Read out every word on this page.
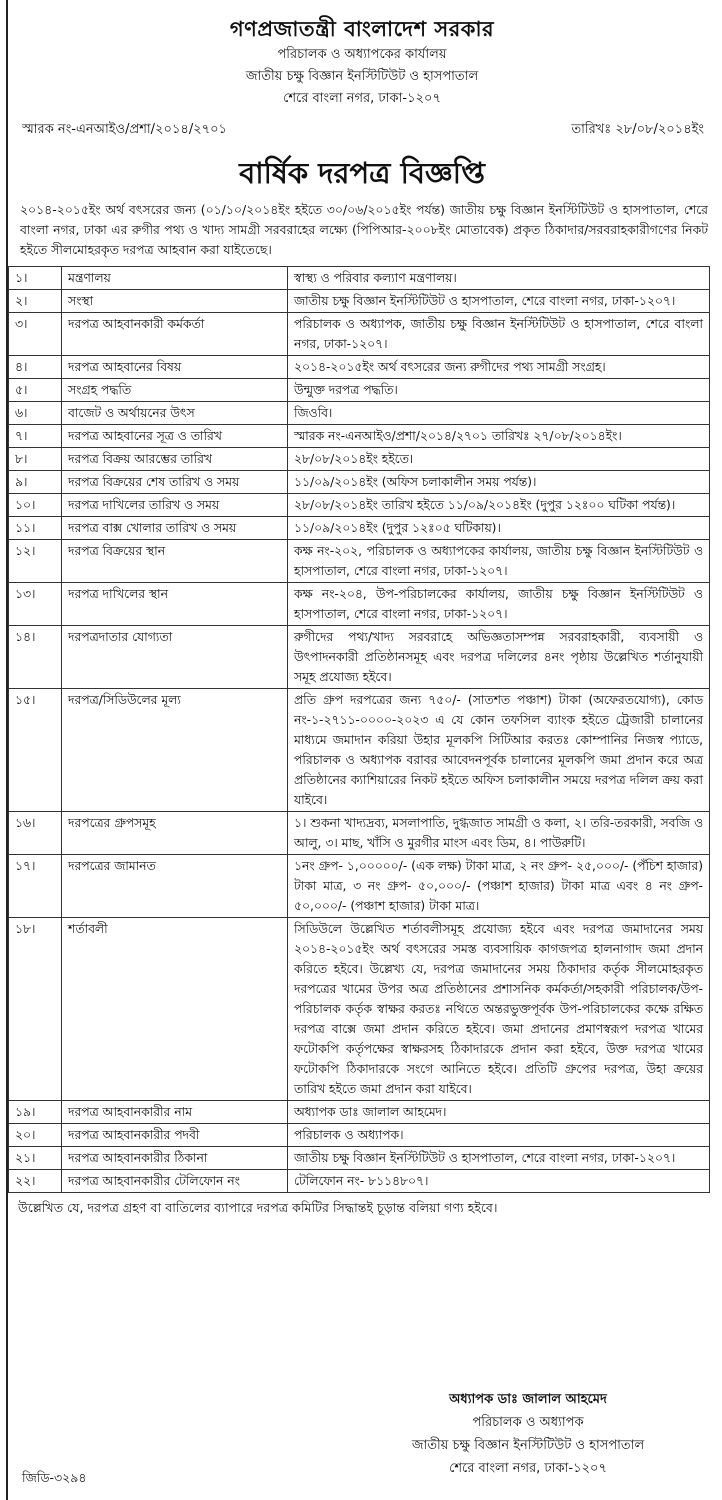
গণপ্রজাতন্ত্রী বাংলাদেশ সরকার
পরিচালক ও অধ্যাপকের কার্যালয়
জাতীয় চক্ষু বিজ্ঞান ইনস্টিটিউট ও হাসপাতাল
শেরে বাংলা নগর, ঢাকা-১২০৭
স্মারক নং-এনআইও/প্রশা/২০১৪/২৭০১	তারিখঃ ২৮/০৮/২০১৪ইং
বার্ষিক দরপত্র বিজ্ঞপ্তি
২০১৪-২০১৫ইং অর্থ বৎসরের জন্য (০১/১০/২০১৪ইং হইতে ৩০/০৬/২০১৫ইং পর্যন্ত) জাতীয় চক্ষু বিজ্ঞান ইনস্টিটিউট ও হাসপাতাল, শেরে বাংলা নগর, ঢাকা এর রুগীর পথ্য ও খাদ্য সামগ্রী সরবরাহের লক্ষ্যে (পিপিআর-২০০৮ইং মোতাবেক) প্রকৃত ঠিকাদার/সরবরাহকারীগণের নিকট হইতে সীলমোহরকৃত দরপত্র আহবান করা যাইতেছে।
১।	মন্ত্রণালয়	স্বাস্থ্য ও পরিবার কল্যাণ মন্ত্রণালয়।
২।	সংস্থা	জাতীয় চক্ষু বিজ্ঞান ইনস্টিটিউট ও হাসপাতাল, শেরে বাংলা নগর, ঢাকা-১২০৭।
৩।	দরপত্র আহবানকারী কর্মকর্তা	পরিচালক ও অধ্যাপক, জাতীয় চক্ষু বিজ্ঞান ইনস্টিটিউট ও হাসপাতাল, শেরে বাংলা নগর, ঢাকা-১২০৭।
৪।	দরপত্র আহবানের বিষয়	২০১৪-২০১৫ইং অর্থ বৎসরের জন্য রুগীদের পথ্য সামগ্রী সংগ্রহ।
৫।	সংগ্রহ পদ্ধতি	উন্মুক্ত দরপত্র পদ্ধতি।
৬।	বাজেট ও অর্থায়নের উৎস	জিওবি।
৭।	দরপত্র আহবানের সূত্র ও তারিখ	স্মারক নং-এনআইও/প্রশা/২০১৪/২৭০১ তারিখঃ ২৭/০৮/২০১৪ইং।
৮।	দরপত্র বিক্রয় আরম্ভের তারিখ	২৮/০৮/২০১৪ইং হইতে।
৯।	দরপত্র বিক্রয়ের শেষ তারিখ ও সময়	১১/০৯/২০১৪ইং (অফিস চলাকালীন সময় পর্যন্ত)।
১০।	দরপত্র দাখিলের তারিখ ও সময়	২৮/০৮/২০১৪ইং তারিখ হইতে ১১/০৯/২০১৪ইং (দুপুর ১২ঃ০০ ঘটিকা পর্যন্ত)।
১১।	দরপত্র বাক্স খোলার তারিখ ও সময়	১১/০৯/২০১৪ইং (দুপুর ১২ঃ০৫ ঘটিকায়)।
১২।	দরপত্র বিক্রয়ের স্থান	কক্ষ নং-২০২, পরিচালক ও অধ্যাপকের কার্যালয়, জাতীয় চক্ষু বিজ্ঞান ইনস্টিটিউট ও হাসপাতাল, শেরে বাংলা নগর, ঢাকা-১২০৭।
১৩।	দরপত্র দাখিলের স্থান	কক্ষ নং-২০৪, উপ-পরিচালকের কার্যালয়, জাতীয় চক্ষু বিজ্ঞান ইনস্টিটিউট ও হাসপাতাল, শেরে বাংলা নগর, ঢাকা-১২০৭।
১৪।	দরপত্রদাতার যোগ্যতা	রুগীদের পথ্য/খাদ্য সরবরাহে অভিজ্ঞতাসম্পন্ন সরবরাহকারী, ব্যবসায়ী ও উৎপাদনকারী প্রতিষ্ঠানসমূহ এবং দরপত্র দলিলের ৪নং পৃষ্ঠায় উল্লেখিত শর্তানুযায়ী সমূহ প্রযোজ্য হইবে।
১৫।	দরপত্র/সিডিউলের মূল্য	প্রতি গ্রুপ দরপত্রের জন্য ৭৫০/- (সাতশত পঞ্চাশ) টাকা (অফেরতযোগ্য), কোড নং-১-২৭১১-০০০০-২০২৩ এ যে কোন তফসিল ব্যাংক হইতে ট্রেজারী চালানের মাধ্যমে জমাদান করিয়া উহার মূলকপি সিটিআর করতঃ কোম্পানির নিজস্ব প্যাডে, পরিচালক ও অধ্যাপক বরাবর আবেদনপূর্বক চালানের মূলকপি জমা প্রদান করে অত্র প্রতিষ্ঠানের ক্যাশিয়ারের নিকট হইতে অফিস চলাকালীন সময়ে দরপত্র দলিল ক্রয় করা যাইবে।
১৬।	দরপত্রের গ্রুপসমূহ	১। শুকনা খাদ্যদ্রব্য, মসলাপাতি, দুগ্ধজাত সামগ্রী ও কলা, ২। তরি-তরকারী, সবজি ও আলু, ৩। মাছ, খাঁসি ও মুরগীর মাংস এবং ডিম, ৪। পাউরুটি।
১৭।	দরপত্রের জামানত	১নং গ্রুপ- ১,০০০০০/- (এক লক্ষ) টাকা মাত্র, ২ নং গ্রুপ- ২৫,০০০/- (পঁচিশ হাজার) টাকা মাত্র, ৩ নং গ্রুপ- ৫০,০০০/- (পঞ্চাশ হাজার) টাকা মাত্র এবং ৪ নং গ্রুপ- ৫০,০০০/- (পঞ্চাশ হাজার) টাকা মাত্র।
১৮।	শর্তাবলী	সিডিউলে উল্লেখিত শর্তাবলীসমূহ প্রযোজ্য হইবে এবং দরপত্র জমাদানের সময় ২০১৪-২০১৫ইং অর্থ বৎসরের সমস্ত ব্যবসায়িক কাগজপত্র হালনাগাদ জমা প্রদান করিতে হইবে। উল্লেখ্য যে, দরপত্র জমাদানের সময় ঠিকাদার কর্তৃক সীলমোহরকৃত দরপত্রের খামের উপর অত্র প্রতিষ্ঠানের প্রশাসনিক কর্মকর্তা/সহকারী পরিচালক/উপ-পরিচালক কর্তৃক স্বাক্ষর করতঃ নথিতে অন্তরভুক্তপূর্বক উপ-পরিচালকের কক্ষে রক্ষিত দরপত্র বাক্সে জমা প্রদান করিতে হইবে। জমা প্রদানের প্রমাণস্বরূপ দরপত্র খামের ফটোকপি কর্তৃপক্ষের স্বাক্ষরসহ ঠিকাদারকে প্রদান করা হইবে, উক্ত দরপত্র খামের ফটোকপি ঠিকাদারকে সংগে আনিতে হইবে। প্রতিটি গ্রুপের দরপত্র, উহা ক্রয়ের তারিখ হইতে জমা প্রদান করা যাইবে।
১৯।	দরপত্র আহবানকারীর নাম	অধ্যাপক ডাঃ জালাল আহমেদ।
২০।	দরপত্র আহবানকারীর পদবী	পরিচালক ও অধ্যাপক।
২১।	দরপত্র আহবানকারীর ঠিকানা	জাতীয় চক্ষু বিজ্ঞান ইনস্টিটিউট ও হাসপাতাল, শেরে বাংলা নগর, ঢাকা-১২০৭।
২২।	দরপত্র আহবানকারীর টেলিফোন নং	টেলিফোন নং- ৮১১৪৮০৭।
উল্লেখিত যে, দরপত্র গ্রহণ বা বাতিলের ব্যাপারে দরপত্র কমিটির সিদ্ধান্তই চূড়ান্ত বলিয়া গণ্য হইবে।
অধ্যাপক ডাঃ জালাল আহমেদ
পরিচালক ও অধ্যাপক
জাতীয় চক্ষু বিজ্ঞান ইনস্টিটিউট ও হাসপাতাল
শেরে বাংলা নগর, ঢাকা-১২০৭
জিডি-৩২৯৪
